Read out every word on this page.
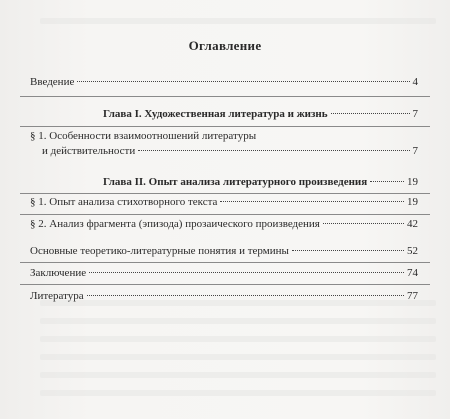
Оглавление
Введение	4
Глава I. Художественная литература и жизнь	7
§ 1. Особенности взаимоотношений литературы
и действительности	7
Глава II. Опыт анализа литературного произведения	19
§ 1. Опыт анализа стихотворного текста	19
§ 2. Анализ фрагмента (эпизода) прозаического произведения	42
Основные теоретико-литературные понятия и термины	52
Заключение	74
Литература	77
